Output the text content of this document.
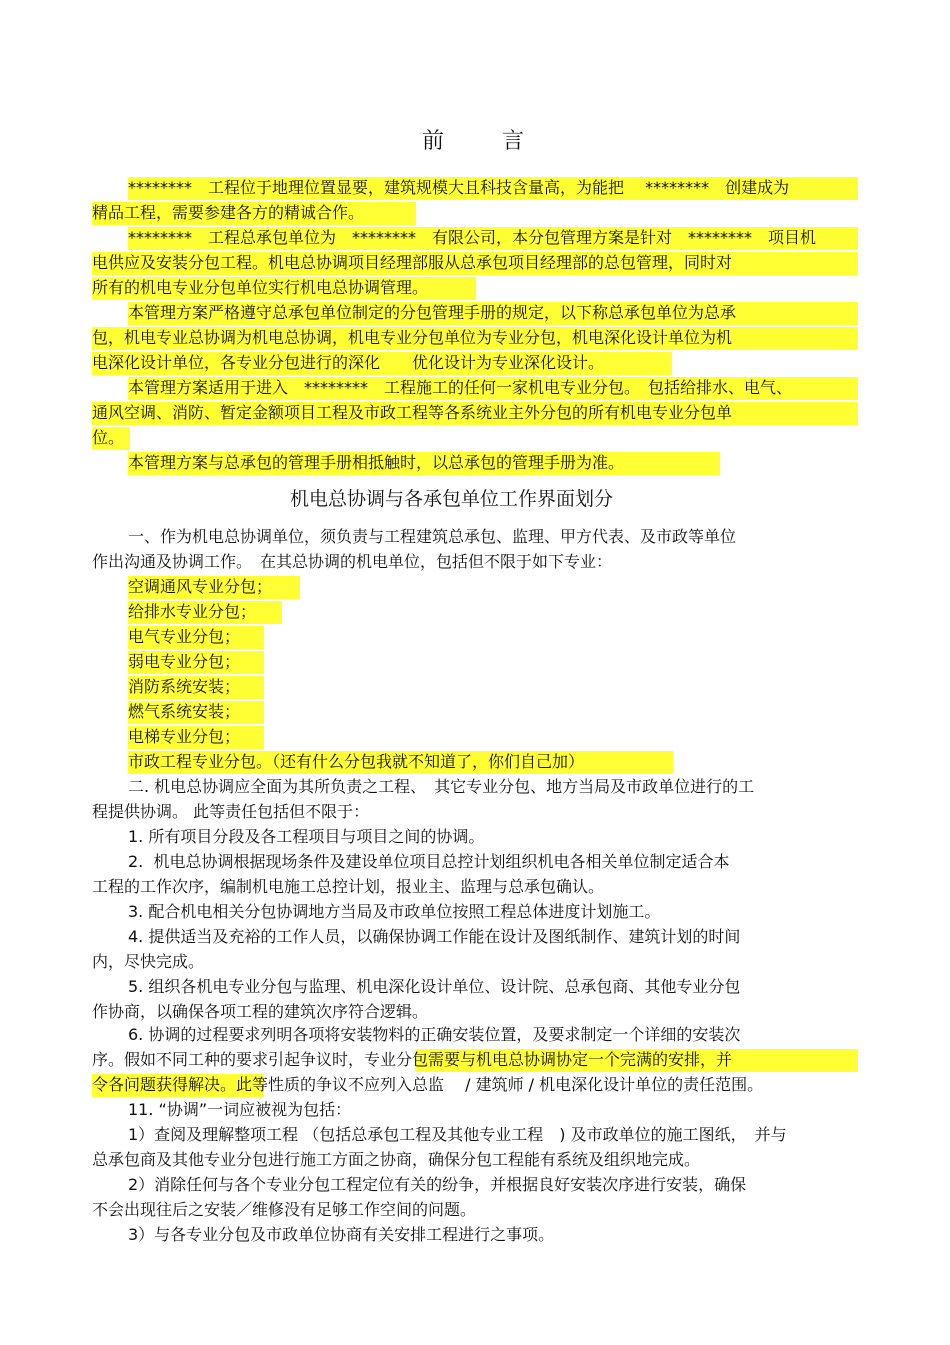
前	言
********　工程位于地理位置显要，建筑规模大且科技含量高，为能把　 ********　创建成为
精品工程，需要参建各方的精诚合作。
********　工程总承包单位为　********　有限公司，本分包管理方案是针对　********　项目机
电供应及安装分包工程。机电总协调项目经理部服从总承包项目经理部的总包管理，同时对
所有的机电专业分包单位实行机电总协调管理。
本管理方案严格遵守总承包单位制定的分包管理手册的规定，以下称总承包单位为总承
包，机电专业总协调为机电总协调，机电专业分包单位为专业分包，机电深化设计单位为机
电深化设计单位，各专业分包进行的深化　　优化设计为专业深化设计。
本管理方案适用于进入　********　工程施工的任何一家机电专业分包。　包括给排水、电气、
通风空调、消防、暂定金额项目工程及市政工程等各系统业主外分包的所有机电专业分包单
位。
本管理方案与总承包的管理手册相抵触时，以总承包的管理手册为准。
机电总协调与各承包单位工作界面划分
一、作为机电总协调单位，须负责与工程建筑总承包、监理、甲方代表、及市政等单位
作出沟通及协调工作。　在其总协调的机电单位，包括但不限于如下专业：
空调通风专业分包；
给排水专业分包；
电气专业分包；
弱电专业分包；
消防系统安装；
燃气系统安装；
电梯专业分包；
市政工程专业分包。（还有什么分包我就不知道了，你们自己加）
二. 机电总协调应全面为其所负责之工程、　其它专业分包、地方当局及市政单位进行的工
程提供协调。 此等责任包括但不限于：
1. 所有项目分段及各工程项目与项目之间的协调。
2.  机电总协调根据现场条件及建设单位项目总控计划组织机电各相关单位制定适合本
工程的工作次序，编制机电施工总控计划，报业主、监理与总承包确认。
3. 配合机电相关分包协调地方当局及市政单位按照工程总体进度计划施工。
4. 提供适当及充裕的工作人员，以确保协调工作能在设计及图纸制作、建筑计划的时间
内，尽快完成。
5. 组织各机电专业分包与监理、机电深化设计单位、设计院、总承包商、其他专业分包
作协商，以确保各项工程的建筑次序符合逻辑。
6. 协调的过程要求列明各项将安装物料的正确安装位置，及要求制定一个详细的安装次
序。假如不同工种的要求引起争议时，专业分包需要与机电总协调协定一个完满的安排，并
令各问题获得解决。此等性质的争议不应列入总监　 / 建筑师 / 机电深化设计单位的责任范围。
11. “协调”一词应被视为包括：
1）查阅及理解整项工程 （包括总承包工程及其他专业工程　) 及市政单位的施工图纸，　并与
总承包商及其他专业分包进行施工方面之协商，确保分包工程能有系统及组织地完成。
2）消除任何与各个专业分包工程定位有关的纷争，并根据良好安装次序进行安装，确保
不会出现往后之安装／维修没有足够工作空间的问题。
3）与各专业分包及市政单位协商有关安排工程进行之事项。
